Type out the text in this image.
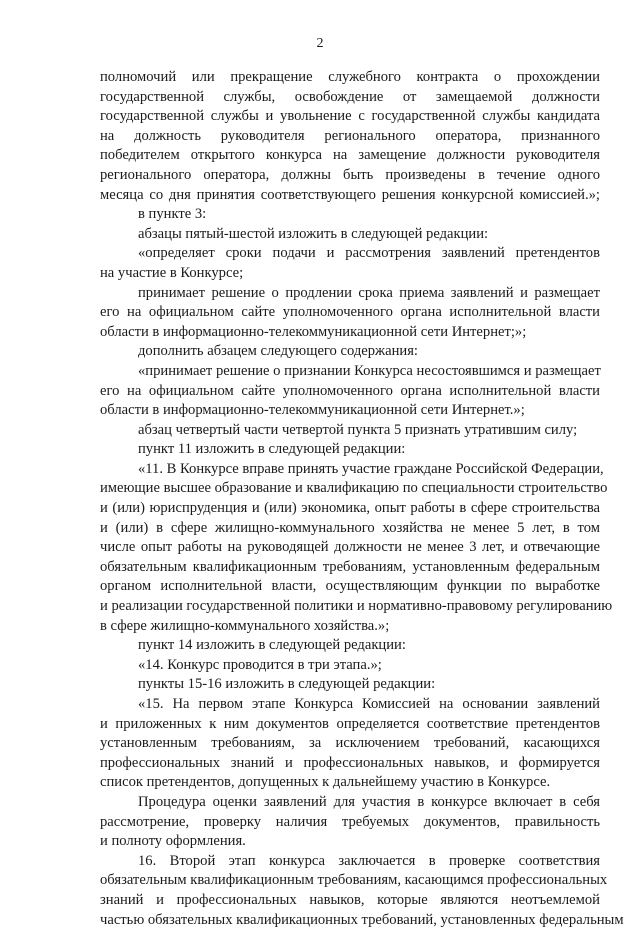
2
полномочий или прекращение служебного контракта о прохождении
государственной службы, освобождение от замещаемой должности
государственной службы и увольнение с государственной службы кандидата
на должность руководителя регионального оператора, признанного
победителем открытого конкурса на замещение должности руководителя
регионального оператора, должны быть произведены в течение одного
месяца со дня принятия соответствующего решения конкурсной комиссией.»;
в пункте 3:
абзацы пятый-шестой изложить в следующей редакции:
«определяет сроки подачи и рассмотрения заявлений претендентов
на участие в Конкурсе;
принимает решение о продлении срока приема заявлений и размещает
его на официальном сайте уполномоченного органа исполнительной власти
области в информационно-телекоммуникационной сети Интернет;»;
дополнить абзацем следующего содержания:
«принимает решение о признании Конкурса несостоявшимся и размещает
его на официальном сайте уполномоченного органа исполнительной власти
области в информационно-телекоммуникационной сети Интернет.»;
абзац четвертый части четвертой пункта 5 признать утратившим силу;
пункт 11 изложить в следующей редакции:
«11. В Конкурсе вправе принять участие граждане Российской Федерации,
имеющие высшее образование и квалификацию по специальности строительство
и (или) юриспруденция и (или) экономика, опыт работы в сфере строительства
и (или) в сфере жилищно-коммунального хозяйства не менее 5 лет, в том
числе опыт работы на руководящей должности не менее 3 лет, и отвечающие
обязательным квалификационным требованиям, установленным федеральным
органом исполнительной власти, осуществляющим функции по выработке
и реализации государственной политики и нормативно-правовому регулированию
в сфере жилищно-коммунального хозяйства.»;
пункт 14 изложить в следующей редакции:
«14. Конкурс проводится в три этапа.»;
пункты 15-16 изложить в следующей редакции:
«15. На первом этапе Конкурса Комиссией на основании заявлений
и приложенных к ним документов определяется соответствие претендентов
установленным требованиям, за исключением требований, касающихся
профессиональных знаний и профессиональных навыков, и формируется
список претендентов, допущенных к дальнейшему участию в Конкурсе.
Процедура оценки заявлений для участия в конкурсе включает в себя
рассмотрение, проверку наличия требуемых документов, правильность
и полноту оформления.
16. Второй этап конкурса заключается в проверке соответствия
обязательным квалификационным требованиям, касающимся профессиональных
знаний и профессиональных навыков, которые являются неотъемлемой
частью обязательных квалификационных требований, установленных федеральным
